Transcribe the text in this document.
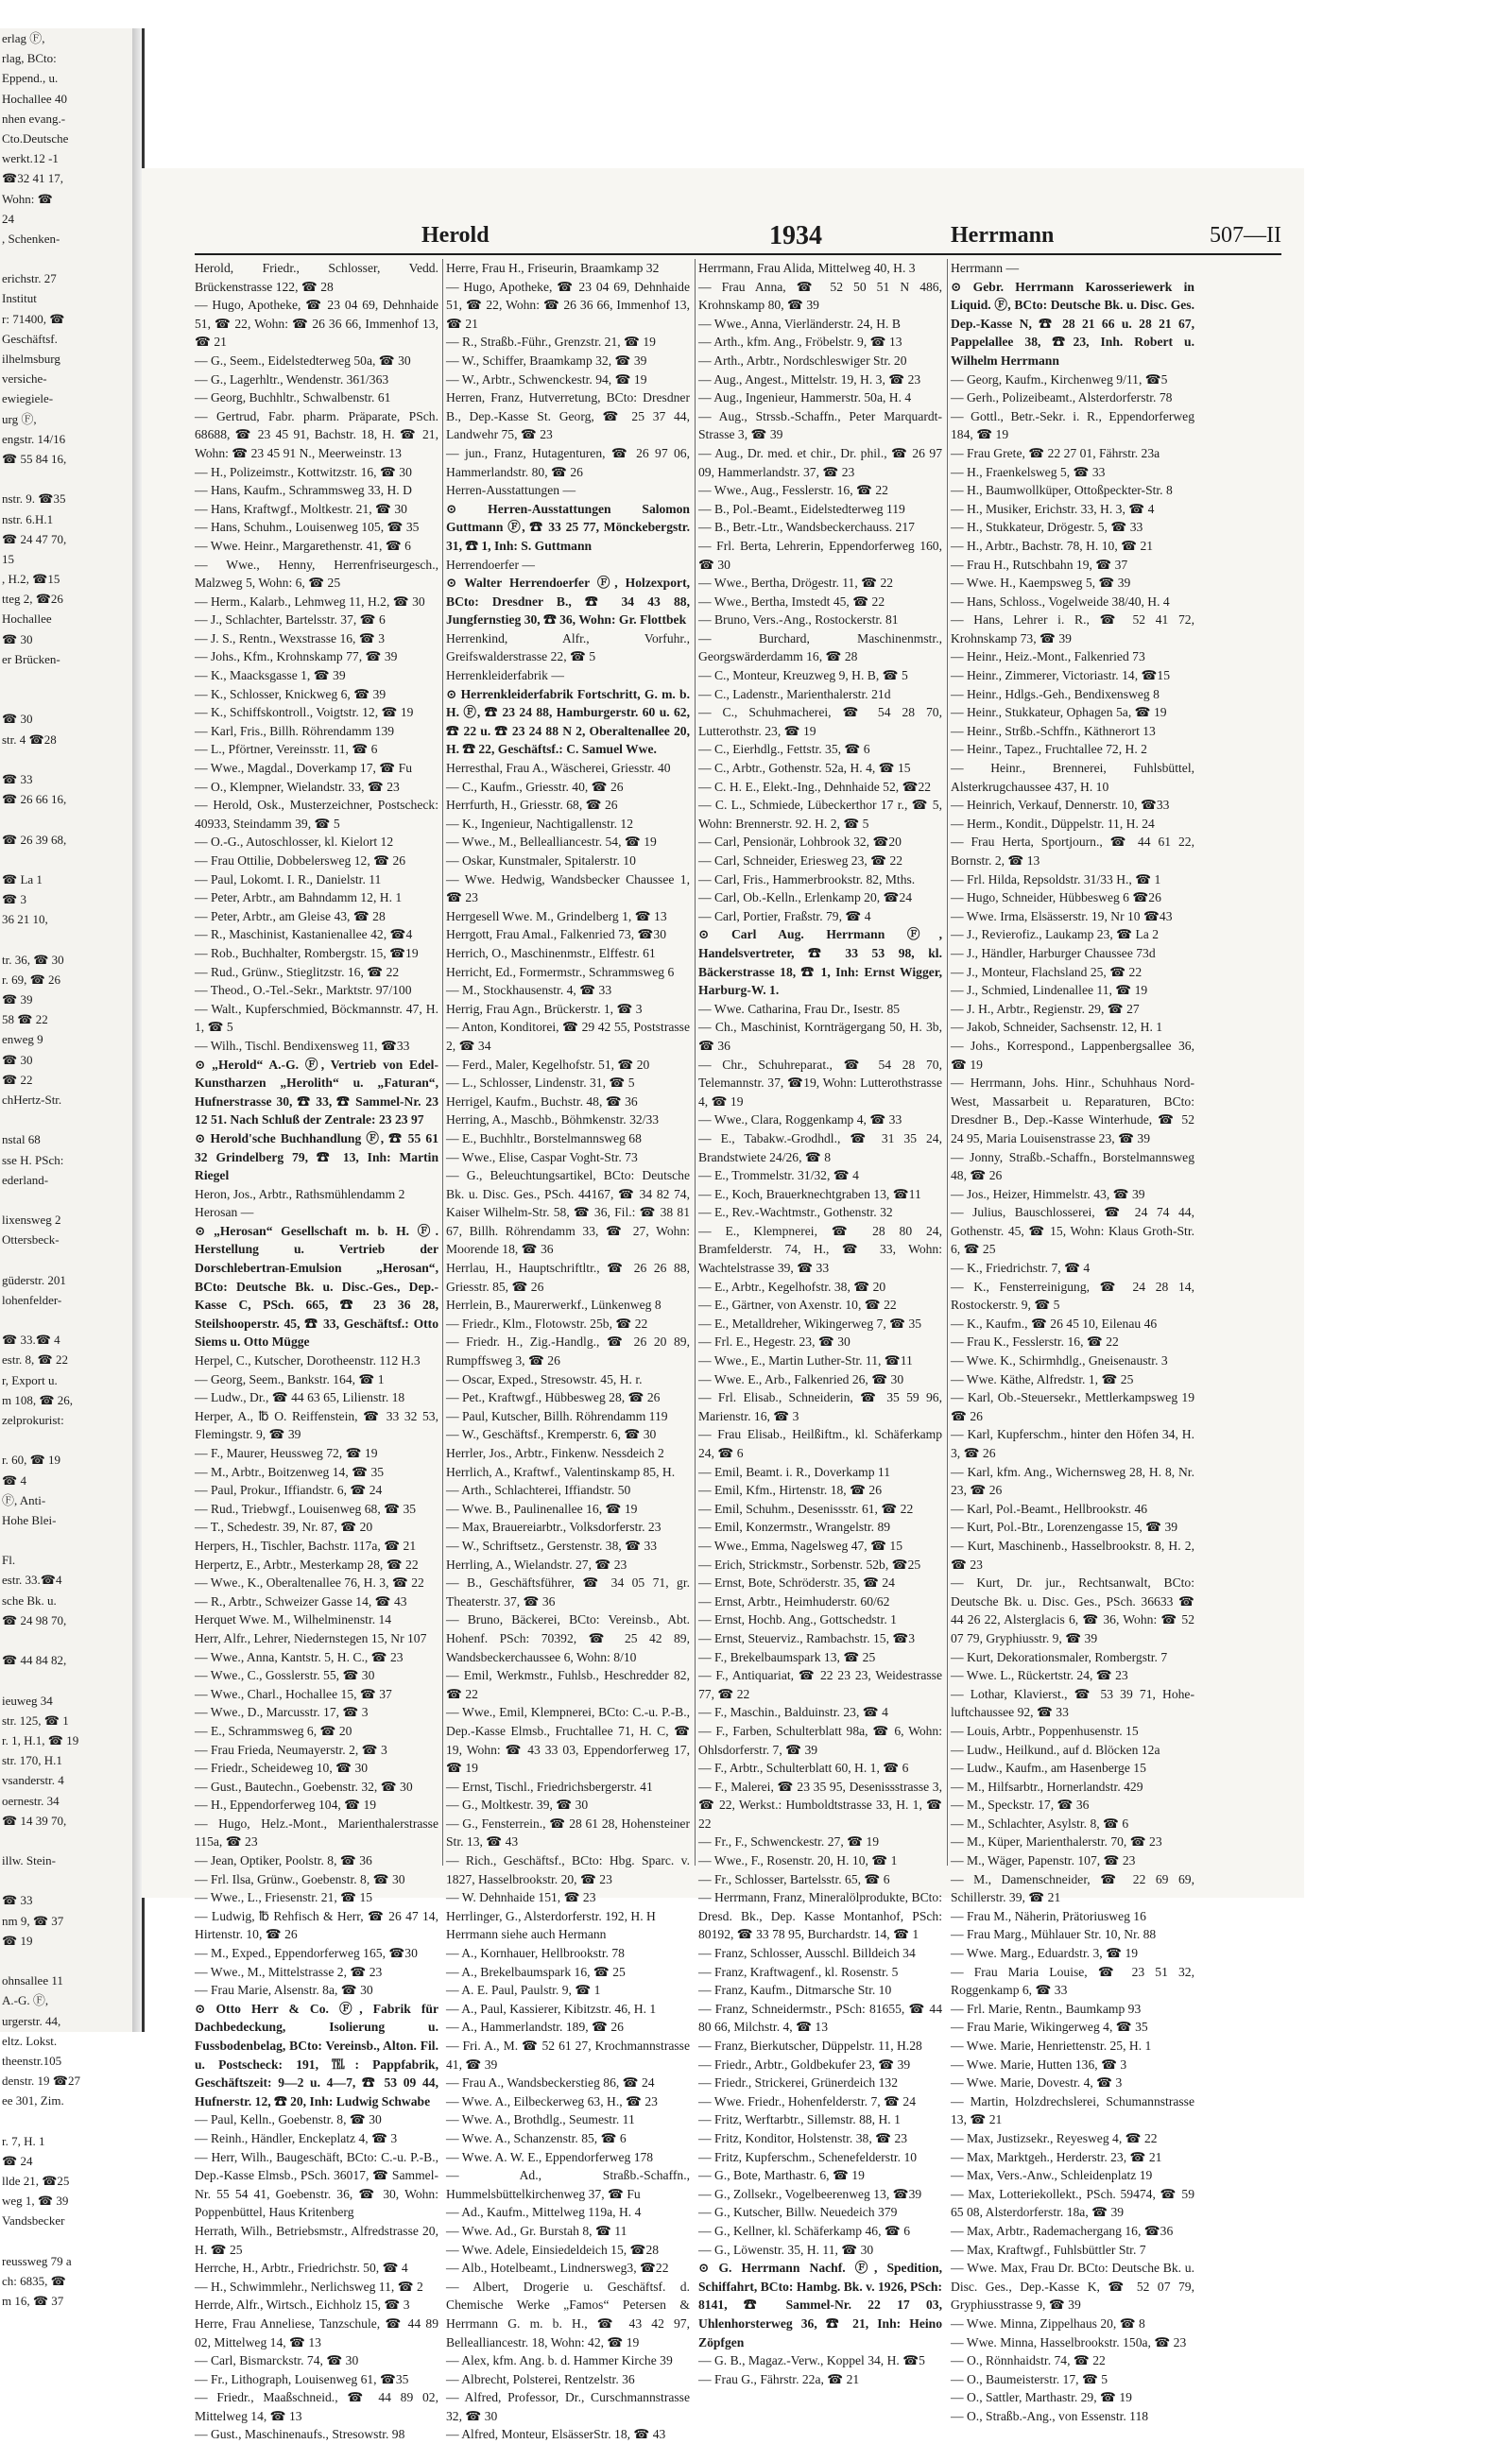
erlag Ⓕ,
rlag, BCto:
Eppend., u.
Hochallee 40
nhen evang.-
Cto.Deutsche
werkt.12 -1
☎32 41 17,
Wohn: ☎
24
, Schenken-
erichstr. 27
Institut
r: 71400, ☎
Geschäftsf.
ilhelmsburg
versiche-
ewiegiele-
urg Ⓕ,
engstr. 14/16
☎ 55 84 16,
nstr. 9. ☎35
nstr. 6.H.1
☎ 24 47 70,
15
, H.2, ☎15
tteg 2, ☎26
Hochallee
☎ 30
er Brücken-
☎ 30
str. 4 ☎28
☎ 33
☎ 26 66 16,
☎ 26 39 68,
☎ La 1
☎ 3
36 21 10,
tr. 36, ☎ 30
r. 69, ☎ 26
☎ 39
58 ☎ 22
enweg 9
☎ 30
☎ 22
chHertz-Str.
nstal 68
sse H. PSch:
ederland-
lixensweg 2
Ottersbeck-
güderstr. 201
lohenfelder-
☎ 33.☎ 4
estr. 8, ☎ 22
r, Export u.
m 108, ☎ 26,
zelprokurist:
r. 60, ☎ 19
☎ 4
Ⓕ, Anti-
Hohe Blei-
Fl.
estr. 33.☎4
sche Bk. u.
☎ 24 98 70,
☎ 44 84 82,
ieuweg 34
str. 125, ☎ 1
r. 1, H.1, ☎ 19
str. 170, H.1
vsanderstr. 4
oernestr. 34
☎ 14 39 70,
illw. Stein-
☎ 33
nm 9, ☎ 37
☎ 19
ohnsallee 11
A.-G. Ⓕ,
urgerstr. 44,
eltz. Lokst.
theenstr.105
denstr. 19 ☎27
ee 301, Zim.
r. 7, H. 1
☎ 24
llde 21, ☎25
weg 1, ☎ 39
Vandsbecker
reussweg 79 a
ch: 6835, ☎
m 16, ☎ 37
Herold	1934	Herrmann	507—II
Herold, Friedr., Schlosser, Vedd. Brückenstrasse 122, ☎ 28
— Hugo, Apotheke, ☎ 23 04 69, Dehnhaide 51, ☎ 22, Wohn: ☎ 26 36 66, Immenhof 13, ☎ 21
— G., Seem., Eidelstedterweg 50a, ☎ 30
— G., Lagerhltr., Wendenstr. 361/363
— Georg, Buchhltr., Schwalbenstr. 61
— Gertrud, Fabr. pharm. Präparate, PSch. 68688, ☎ 23 45 91, Bachstr. 18, H. ☎ 21, Wohn: ☎ 23 45 91 N., Meerweinstr. 13
— H., Polizeimstr., Kottwitzstr. 16, ☎ 30
— Hans, Kaufm., Schrammsweg 33, H. D
— Hans, Kraftwgf., Moltkestr. 21, ☎ 30
— Hans, Schuhm., Louisenweg 105, ☎ 35
— Wwe. Heinr., Margarethenstr. 41, ☎ 6
— Wwe., Henny, Herrenfriseurgesch., Malzweg 5, Wohn: 6, ☎ 25
— Herm., Kalarb., Lehmweg 11, H.2, ☎ 30
— J., Schlachter, Bartelsstr. 37, ☎ 6
— J. S., Rentn., Wexstrasse 16, ☎ 3
— Johs., Kfm., Krohnskamp 77, ☎ 39
— K., Maacksgasse 1, ☎ 39
— K., Schlosser, Knickweg 6, ☎ 39
— K., Schiffskontroll., Voigtstr. 12, ☎ 19
— Karl, Fris., Billh. Röhrendamm 139
— L., Pförtner, Vereinsstr. 11, ☎ 6
— Wwe., Magdal., Doverkamp 17, ☎ Fu
— O., Klempner, Wielandstr. 33, ☎ 23
— Herold, Osk., Musterzeichner, Postscheck: 40933, Steindamm 39, ☎ 5
— O.-G., Autoschlosser, kl. Kielort 12
— Frau Ottilie, Dobbelersweg 12, ☎ 26
— Paul, Lokomt. I. R., Danielstr. 11
— Peter, Arbtr., am Bahndamm 12, H. 1
— Peter, Arbtr., am Gleise 43, ☎ 28
— R., Maschinist, Kastanienallee 42, ☎4
— Rob., Buchhalter, Rombergstr. 15, ☎19
— Rud., Grünw., Stieglitzstr. 16, ☎ 22
— Theod., O.-Tel.-Sekr., Marktstr. 97/100
— Walt., Kupferschmied, Böckmannstr. 47, H. 1, ☎ 5
— Wilh., Tischl. Bendixensweg 11, ☎33
⊙ „Herold“ A.-G. Ⓕ, Vertrieb von Edel-Kunstharzen „Herolith“ u. „Faturan“, Hufnerstrasse 30, ☎ 33, ☎ Sammel-Nr. 23 12 51. Nach Schluß der Zentrale: 23 23 97
⊙ Herold'sche Buchhandlung Ⓕ, ☎ 55 61 32 Grindelberg 79, ☎ 13, Inh: Martin Riegel
Heron, Jos., Arbtr., Rathsmühlendamm 2
Herosan —
⊙ „Herosan“ Gesellschaft m. b. H. Ⓕ. Herstellung u. Vertrieb der Dorschlebertran-Emulsion „Herosan“, BCto: Deutsche Bk. u. Disc.-Ges., Dep.-Kasse C, PSch. 665, ☎ 23 36 28, Steilshooperstr. 45, ☎ 33, Geschäftsf.: Otto Siems u. Otto Mügge
Herpel, C., Kutscher, Dorotheenstr. 112 H.3
— Georg, Seem., Bankstr. 164, ☎ 1
— Ludw., Dr., ☎ 44 63 65, Lilienstr. 18
Herper, A., ℔ O. Reiffenstein, ☎ 33 32 53, Flemingstr. 9, ☎ 39
— F., Maurer, Heussweg 72, ☎ 19
— M., Arbtr., Boitzenweg 14, ☎ 35
— Paul, Prokur., Iffiandstr. 6, ☎ 24
— Rud., Triebwgf., Louisenweg 68, ☎ 35
— T., Schedestr. 39, Nr. 87, ☎ 20
Herpers, H., Tischler, Bachstr. 117a, ☎ 21
Herpertz, E., Arbtr., Mesterkamp 28, ☎ 22
— Wwe., K., Oberaltenallee 76, H. 3, ☎ 22
— R., Arbtr., Schweizer Gasse 14, ☎ 43
Herquet Wwe. M., Wilhelminenstr. 14
Herr, Alfr., Lehrer, Niedernstegen 15, Nr 107
— Wwe., Anna, Kantstr. 5, H. C., ☎ 23
— Wwe., C., Gosslerstr. 55, ☎ 30
— Wwe., Charl., Hochallee 15, ☎ 37
— Wwe., D., Marcusstr. 17, ☎ 3
— E., Schrammsweg 6, ☎ 20
— Frau Frieda, Neumayerstr. 2, ☎ 3
— Friedr., Scheideweg 10, ☎ 30
— Gust., Bautechn., Goebenstr. 32, ☎ 30
— H., Eppendorferweg 104, ☎ 19
— Hugo, Helz.-Mont., Marienthalerstrasse 115a, ☎ 23
— Jean, Optiker, Poolstr. 8, ☎ 36
— Frl. Ilsa, Grünw., Goebenstr. 8, ☎ 30
— Wwe., L., Friesenstr. 21, ☎ 15
— Ludwig, ℔ Rehfisch & Herr, ☎ 26 47 14, Hirtenstr. 10, ☎ 26
— M., Exped., Eppendorferweg 165, ☎30
— Wwe., M., Mittelstrasse 2, ☎ 23
— Frau Marie, Alsenstr. 8a, ☎ 30
⊙ Otto Herr & Co. Ⓕ, Fabrik für Dachbedeckung, Isolierung u. Fussbodenbelag, BCto: Vereinsb., Alton. Fil. u. Postscheck: 191, ℡: Pappfabrik, Geschäftszeit: 9—2 u. 4—7, ☎ 53 09 44, Hufnerstr. 12, ☎ 20, Inh: Ludwig Schwabe
— Paul, Kelln., Goebenstr. 8, ☎ 30
— Reinh., Händler, Enckeplatz 4, ☎ 3
— Herr, Wilh., Baugeschäft, BCto: C.-u. P.-B., Dep.-Kasse Elmsb., PSch. 36017, ☎ Sammel-Nr. 55 54 41, Goebenstr. 36, ☎ 30, Wohn: Poppenbüttel, Haus Kritenberg
Herrath, Wilh., Betriebsmstr., Alfredstrasse 20, H. ☎ 25
Herrche, H., Arbtr., Friedrichstr. 50, ☎ 4
— H., Schwimmlehr., Nerlichsweg 11, ☎ 2
Herrde, Alfr., Wirtsch., Eichholz 15, ☎ 3
Herre, Frau Anneliese, Tanzschule, ☎ 44 89 02, Mittelweg 14, ☎ 13
— Carl, Bismarckstr. 74, ☎ 30
— Fr., Lithograph, Louisenweg 61, ☎35
— Friedr., Maaßschneid., ☎ 44 89 02, Mittelweg 14, ☎ 13
— Gust., Maschinenaufs., Stresowstr. 98
Herre, Frau H., Friseurin, Braamkamp 32
— Hugo, Apotheke, ☎ 23 04 69, Dehnhaide 51, ☎ 22, Wohn: ☎ 26 36 66, Immenhof 13, ☎ 21
— R., Straßb.-Führ., Grenzstr. 21, ☎ 19
— W., Schiffer, Braamkamp 32, ☎ 39
— W., Arbtr., Schwenckestr. 94, ☎ 19
Herren, Franz, Hutverretung, BCto: Dresdner B., Dep.-Kasse St. Georg, ☎ 25 37 44, Landwehr 75, ☎ 23
— jun., Franz, Hutagenturen, ☎ 26 97 06, Hammerlandstr. 80, ☎ 26
Herren-Ausstattungen —
⊙ Herren-Ausstattungen Salomon Guttmann Ⓕ, ☎ 33 25 77, Mönckebergstr. 31, ☎ 1, Inh: S. Guttmann
Herrendoerfer —
⊙ Walter Herrendoerfer Ⓕ, Holzexport, BCto: Dresdner B., ☎ 34 43 88, Jungfernstieg 30, ☎ 36, Wohn: Gr. Flottbek
Herrenkind, Alfr., Vorfuhr., Greifswalderstrasse 22, ☎ 5
Herrenkleiderfabrik —
⊙ Herrenkleiderfabrik Fortschritt, G. m. b. H. Ⓕ, ☎ 23 24 88, Hamburgerstr. 60 u. 62, ☎ 22 u. ☎ 23 24 88 N 2, Oberaltenallee 20, H. ☎ 22, Geschäftsf.: C. Samuel Wwe.
Herresthal, Frau A., Wäscherei, Griesstr. 40
— C., Kaufm., Griesstr. 40, ☎ 26
Herrfurth, H., Griesstr. 68, ☎ 26
— K., Ingenieur, Nachtigallenstr. 12
— Wwe., M., Bellealliancestr. 54, ☎ 19
— Oskar, Kunstmaler, Spitalerstr. 10
— Wwe. Hedwig, Wandsbecker Chaussee 1, ☎ 23
Herrgesell Wwe. M., Grindelberg 1, ☎ 13
Herrgott, Frau Amal., Falkenried 73, ☎30
Herrich, O., Maschinenmstr., Elffestr. 61
Herricht, Ed., Formermstr., Schrammsweg 6
— M., Stockhausenstr. 4, ☎ 33
Herrig, Frau Agn., Brückerstr. 1, ☎ 3
— Anton, Konditorei, ☎ 29 42 55, Poststrasse 2, ☎ 34
— Ferd., Maler, Kegelhofstr. 51, ☎ 20
— L., Schlosser, Lindenstr. 31, ☎ 5
Herrigel, Kaufm., Buchstr. 48, ☎ 36
Herring, A., Maschb., Böhmkenstr. 32/33
— E., Buchhltr., Borstelmannsweg 68
— Wwe., Elise, Caspar Voght-Str. 73
— G., Beleuchtungsartikel, BCto: Deutsche Bk. u. Disc. Ges., PSch. 44167, ☎ 34 82 74, Kaiser Wilhelm-Str. 58, ☎ 36, Fil.: ☎ 38 81 67, Billh. Röhrendamm 33, ☎ 27, Wohn: Moorende 18, ☎ 36
Herrlau, H., Hauptschriftltr., ☎ 26 26 88, Griesstr. 85, ☎ 26
Herrlein, B., Maurerwerkf., Lünkenweg 8
— Friedr., Klm., Flotowstr. 25b, ☎ 22
— Friedr. H., Zig.-Handlg., ☎ 26 20 89, Rumpffsweg 3, ☎ 26
— Oscar, Exped., Stresowstr. 45, H. r.
— Pet., Kraftwgf., Hübbesweg 28, ☎ 26
— Paul, Kutscher, Billh. Röhrendamm 119
— W., Geschäftsf., Kremperstr. 6, ☎ 30
Herrler, Jos., Arbtr., Finkenw. Nessdeich 2
Herrlich, A., Kraftwf., Valentinskamp 85, H.
— Arth., Schlachterei, Iffiandstr. 50
— Wwe. B., Paulinenallee 16, ☎ 19
— Max, Brauereiarbtr., Volksdorferstr. 23
— W., Schriftsetz., Gerstenstr. 38, ☎ 33
Herrling, A., Wielandstr. 27, ☎ 23
— B., Geschäftsführer, ☎ 34 05 71, gr. Theaterstr. 37, ☎ 36
— Bruno, Bäckerei, BCto: Vereinsb., Abt. Hohenf. PSch: 70392, ☎ 25 42 89, Wandsbeckerchaussee 6, Wohn: 8/10
— Emil, Werkmstr., Fuhlsb., Heschredder 82, ☎ 22
— Wwe., Emil, Klempnerei, BCto: C.-u. P.-B., Dep.-Kasse Elmsb., Fruchtallee 71, H. C, ☎ 19, Wohn: ☎ 43 33 03, Eppendorferweg 17, ☎ 19
— Ernst, Tischl., Friedrichsbergerstr. 41
— G., Moltkestr. 39, ☎ 30
— G., Fensterrein., ☎ 28 61 28, Hohensteiner Str. 13, ☎ 43
— Rich., Geschäftsf., BCto: Hbg. Sparc. v. 1827, Hasselbrookstr. 20, ☎ 23
— W. Dehnhaide 151, ☎ 23
Herrlinger, G., Alsterdorferstr. 192, H. H
Herrmann siehe auch Hermann
— A., Kornhauer, Hellbrookstr. 78
— A., Brekelbaumspark 16, ☎ 25
— A. E. Paul, Paulstr. 9, ☎ 1
— A., Paul, Kassierer, Kibitzstr. 46, H. 1
— A., Hammerlandstr. 189, ☎ 26
— Fri. A., M. ☎ 52 61 27, Krochmannstrasse 41, ☎ 39
— Frau A., Wandsbeckerstieg 86, ☎ 24
— Wwe. A., Eilbeckerweg 63, H., ☎ 23
— Wwe. A., Brothdlg., Seumestr. 11
— Wwe. A., Schanzenstr. 85, ☎ 6
— Wwe. A. W. E., Eppendorferweg 178
— Ad., Straßb.-Schaffn., Hummelsbüttelkirchenweg 37, ☎ Fu
— Ad., Kaufm., Mittelweg 119a, H. 4
— Wwe. Ad., Gr. Burstah 8, ☎ 11
— Wwe. Adele, Einsiedeldeich 15, ☎28
— Alb., Hotelbeamt., Lindnersweg3, ☎22
— Albert, Drogerie u. Geschäftsf. d. Chemische Werke „Famos“ Petersen & Herrmann G. m. b. H., ☎ 43 42 97, Bellealliancestr. 18, Wohn: 42, ☎ 19
— Alex, kfm. Ang. b. d. Hammer Kirche 39
— Albrecht, Polsterei, Rentzelstr. 36
— Alfred, Professor, Dr., Curschmannstrasse 32, ☎ 30
— Alfred, Monteur, ElsässerStr. 18, ☎ 43
Herrmann, Frau Alida, Mittelweg 40, H. 3
— Frau Anna, ☎ 52 50 51 N 486, Krohnskamp 80, ☎ 39
— Wwe., Anna, Vierländerstr. 24, H. B
— Arth., kfm. Ang., Fröbelstr. 9, ☎ 13
— Arth., Arbtr., Nordschleswiger Str. 20
— Aug., Angest., Mittelstr. 19, H. 3, ☎ 23
— Aug., Ingenieur, Hammerstr. 50a, H. 4
— Aug., Strssb.-Schaffn., Peter Marquardt-Strasse 3, ☎ 39
— Aug., Dr. med. et chir., Dr. phil., ☎ 26 97 09, Hammerlandstr. 37, ☎ 23
— Wwe., Aug., Fesslerstr. 16, ☎ 22
— B., Pol.-Beamt., Eidelstedterweg 119
— B., Betr.-Ltr., Wandsbeckerchauss. 217
— Frl. Berta, Lehrerin, Eppendorferweg 160, ☎ 30
— Wwe., Bertha, Drögestr. 11, ☎ 22
— Wwe., Bertha, Imstedt 45, ☎ 22
— Bruno, Vers.-Ang., Rostockerstr. 81
— Burchard, Maschinenmstr., Georgswärderdamm 16, ☎ 28
— C., Monteur, Kreuzweg 9, H. B, ☎ 5
— C., Ladenstr., Marienthalerstr. 21d
— C., Schuhmacherei, ☎ 54 28 70, Lutterothstr. 23, ☎ 19
— C., Eierhdlg., Fettstr. 35, ☎ 6
— C., Arbtr., Gothenstr. 52a, H. 4, ☎ 15
— C. H. E., Elekt.-Ing., Dehnhaide 52, ☎22
— C. L., Schmiede, Lübeckerthor 17 r., ☎ 5, Wohn: Brennerstr. 92. H. 2, ☎ 5
— Carl, Pensionär, Lohbrook 32, ☎20
— Carl, Schneider, Eriesweg 23, ☎ 22
— Carl, Fris., Hammerbrookstr. 82, Mths.
— Carl, Ob.-Kelln., Erlenkamp 20, ☎24
— Carl, Portier, Fraßstr. 79, ☎ 4
⊙ Carl Aug. Herrmann Ⓕ, Handelsvertreter, ☎ 33 53 98, kl. Bäckerstrasse 18, ☎ 1, Inh: Ernst Wigger, Harburg-W. 1.
— Wwe. Catharina, Frau Dr., Isestr. 85
— Ch., Maschinist, Kornträgergang 50, H. 3b, ☎ 36
— Chr., Schuhreparat., ☎ 54 28 70, Telemannstr. 37, ☎19, Wohn: Lutterothstrasse 4, ☎ 19
— Wwe., Clara, Roggenkamp 4, ☎ 33
— E., Tabakw.-Grodhdl., ☎ 31 35 24, Brandstwiete 24/26, ☎ 8
— E., Trommelstr. 31/32, ☎ 4
— E., Koch, Brauerknechtgraben 13, ☎11
— E., Rev.-Wachtmstr., Gothenstr. 32
— E., Klempnerei, ☎ 28 80 24, Bramfelderstr. 74, H., ☎ 33, Wohn: Wachtelstrasse 39, ☎ 33
— E., Arbtr., Kegelhofstr. 38, ☎ 20
— E., Gärtner, von Axenstr. 10, ☎ 22
— E., Metalldreher, Wikingerweg 7, ☎ 35
— Frl. E., Hegestr. 23, ☎ 30
— Wwe., E., Martin Luther-Str. 11, ☎11
— Wwe. E., Arb., Falkenried 26, ☎ 30
— Frl. Elisab., Schneiderin, ☎ 35 59 96, Marienstr. 16, ☎ 3
— Frau Elisab., Heilßiftm., kl. Schäferkamp 24, ☎ 6
— Emil, Beamt. i. R., Doverkamp 11
— Emil, Kfm., Hirtenstr. 18, ☎ 26
— Emil, Schuhm., Desenissstr. 61, ☎ 22
— Emil, Konzermstr., Wrangelstr. 89
— Wwe., Emma, Nagelsweg 47, ☎ 15
— Erich, Strickmstr., Sorbenstr. 52b, ☎25
— Ernst, Bote, Schröderstr. 35, ☎ 24
— Ernst, Arbtr., Heimhuderstr. 60/62
— Ernst, Hochb. Ang., Gottschedstr. 1
— Ernst, Steuerviz., Rambachstr. 15, ☎3
— F., Brekelbaumspark 13, ☎ 25
— F., Antiquariat, ☎ 22 23 23, Weidestrasse 77, ☎ 22
— F., Maschin., Balduinstr. 23, ☎ 4
— F., Farben, Schulterblatt 98a, ☎ 6, Wohn: Ohlsdorferstr. 7, ☎ 39
— F., Arbtr., Schulterblatt 60, H. 1, ☎ 6
— F., Malerei, ☎ 23 35 95, Desenissstrasse 3, ☎ 22, Werkst.: Humboldtstrasse 33, H. 1, ☎ 22
— Fr., F., Schwenckestr. 27, ☎ 19
— Wwe., F., Rosenstr. 20, H. 10, ☎ 1
— Fr., Schlosser, Bartelsstr. 65, ☎ 6
— Herrmann, Franz, Mineralölprodukte, BCto: Dresd. Bk., Dep. Kasse Montanhof, PSch: 80192, ☎ 33 78 95, Burchardstr. 14, ☎ 1
— Franz, Schlosser, Ausschl. Billdeich 34
— Franz, Kraftwagenf., kl. Rosenstr. 5
— Franz, Kaufm., Ditmarsche Str. 10
— Franz, Schneidermstr., PSch: 81655, ☎ 44 80 66, Milchstr. 4, ☎ 13
— Franz, Bierkutscher, Düppelstr. 11, H.28
— Friedr., Arbtr., Goldbekufer 23, ☎ 39
— Friedr., Strickerei, Grünerdeich 132
— Wwe. Friedr., Hohenfelderstr. 7, ☎ 24
— Fritz, Werftarbtr., Sillemstr. 88, H. 1
— Fritz, Konditor, Holstenstr. 38, ☎ 23
— Fritz, Kupferschm., Schenefelderstr. 10
— G., Bote, Marthastr. 6, ☎ 19
— G., Zollsekr., Vogelbeerenweg 13, ☎39
— G., Kutscher, Billw. Neuedeich 379
— G., Kellner, kl. Schäferkamp 46, ☎ 6
— G., Löwenstr. 35, H. 11, ☎ 30
⊙ G. Herrmann Nachf. Ⓕ, Spedition, Schiffahrt, BCto: Hambg. Bk. v. 1926, PSch: 8141, ☎ Sammel-Nr. 22 17 03, Uhlenhorsterweg 36, ☎ 21, Inh: Heino Zöpfgen
— G. B., Magaz.-Verw., Koppel 34, H. ☎5
— Frau G., Fährstr. 22a, ☎ 21
Herrmann —
⊙ Gebr. Herrmann Karosseriewerk in Liquid. Ⓕ, BCto: Deutsche Bk. u. Disc. Ges. Dep.-Kasse N, ☎ 28 21 66 u. 28 21 67, Pappelallee 38, ☎23, Inh. Robert u. Wilhelm Herrmann
— Georg, Kaufm., Kirchenweg 9/11, ☎5
— Gerh., Polizeibeamt., Alsterdorferstr. 78
— Gottl., Betr.-Sekr. i. R., Eppendorferweg 184, ☎ 19
— Frau Grete, ☎ 22 27 01, Fährstr. 23a
— H., Fraenkelsweg 5, ☎ 33
— H., Baumwollküper, Ottoßpeckter-Str. 8
— H., Musiker, Erichstr. 33, H. 3, ☎ 4
— H., Stukkateur, Drögestr. 5, ☎ 33
— H., Arbtr., Bachstr. 78, H. 10, ☎ 21
— Frau H., Rutschbahn 19, ☎ 37
— Wwe. H., Kaempsweg 5, ☎ 39
— Hans, Schloss., Vogelweide 38/40, H. 4
— Hans, Lehrer i. R., ☎ 52 41 72, Krohnskamp 73, ☎ 39
— Heinr., Heiz.-Mont., Falkenried 73
— Heinr., Zimmerer, Victoriastr. 14, ☎15
— Heinr., Hdlgs.-Geh., Bendixensweg 8
— Heinr., Stukkateur, Ophagen 5a, ☎ 19
— Heinr., Strßb.-Schffn., Käthnerort 13
— Heinr., Tapez., Fruchtallee 72, H. 2
— Heinr., Brennerei, Fuhlsbüttel, Alsterkrugchaussee 437, H. 10
— Heinrich, Verkauf, Dennerstr. 10, ☎33
— Herm., Kondit., Düppelstr. 11, H. 24
— Frau Herta, Sportjourn., ☎ 44 61 22, Bornstr. 2, ☎ 13
— Frl. Hilda, Repsoldstr. 31/33 H., ☎ 1
— Hugo, Schneider, Hübbesweg 6 ☎26
— Wwe. Irma, Elsässerstr. 19, Nr 10 ☎43
— J., Revierofiz., Laukamp 23, ☎ La 2
— J., Händler, Harburger Chaussee 73d
— J., Monteur, Flachsland 25, ☎ 22
— J., Schmied, Lindenallee 11, ☎ 19
— J. H., Arbtr., Regienstr. 29, ☎ 27
— Jakob, Schneider, Sachsenstr. 12, H. 1
— Johs., Korrespond., Lappenbergsallee 36, ☎ 19
— Herrmann, Johs. Hinr., Schuhhaus Nord-West, Massarbeit u. Reparaturen, BCto: Dresdner B., Dep.-Kasse Winterhude, ☎ 52 24 95, Maria Louisenstrasse 23, ☎ 39
— Jonny, Straßb.-Schaffn., Borstelmannsweg 48, ☎ 26
— Jos., Heizer, Himmelstr. 43, ☎ 39
— Julius, Bauschlosserei, ☎ 24 74 44, Gothenstr. 45, ☎ 15, Wohn: Klaus Groth-Str. 6, ☎ 25
— K., Friedrichstr. 7, ☎ 4
— K., Fensterreinigung, ☎ 24 28 14, Rostockerstr. 9, ☎ 5
— K., Kaufm., ☎ 26 45 10, Eilenau 46
— Frau K., Fesslerstr. 16, ☎ 22
— Wwe. K., Schirmhdlg., Gneisenaustr. 3
— Wwe. Käthe, Alfredstr. 1, ☎ 25
— Karl, Ob.-Steuersekr., Mettlerkampsweg 19 ☎ 26
— Karl, Kupferschm., hinter den Höfen 34, H. 3, ☎ 26
— Karl, kfm. Ang., Wichernsweg 28, H. 8, Nr. 23, ☎ 26
— Karl, Pol.-Beamt., Hellbrookstr. 46
— Kurt, Pol.-Btr., Lorenzengasse 15, ☎ 39
— Kurt, Maschinenb., Hasselbrookstr. 8, H. 2, ☎ 23
— Kurt, Dr. jur., Rechtsanwalt, BCto: Deutsche Bk. u. Disc. Ges., PSch. 36633 ☎ 44 26 22, Alsterglacis 6, ☎ 36, Wohn: ☎ 52 07 79, Gryphiusstr. 9, ☎ 39
— Kurt, Dekorationsmaler, Rombergstr. 7
— Wwe. L., Rückertstr. 24, ☎ 23
— Lothar, Klavierst., ☎ 53 39 71, Hohe-luftchaussee 92, ☎ 33
— Louis, Arbtr., Poppenhusenstr. 15
— Ludw., Heilkund., auf d. Blöcken 12a
— Ludw., Kaufm., am Hasenberge 15
— M., Hilfsarbtr., Hornerlandstr. 429
— M., Speckstr. 17, ☎ 36
— M., Schlachter, Asylstr. 8, ☎ 6
— M., Küper, Marienthalerstr. 70, ☎ 23
— M., Wäger, Papenstr. 107, ☎ 23
— M., Damenschneider, ☎ 22 69 69, Schillerstr. 39, ☎ 21
— Frau M., Näherin, Prätoriusweg 16
— Frau Marg., Mühlauer Str. 10, Nr. 88
— Wwe. Marg., Eduardstr. 3, ☎ 19
— Frau Maria Louise, ☎ 23 51 32, Roggenkamp 6, ☎ 33
— Frl. Marie, Rentn., Baumkamp 93
— Frau Marie, Wikingerweg 4, ☎ 35
— Wwe. Marie, Henriettenstr. 25, H. 1
— Wwe. Marie, Hutten 136, ☎ 3
— Wwe. Marie, Dovestr. 4, ☎ 3
— Martin, Holzdrechslerei, Schumannstrasse 13, ☎ 21
— Max, Justizsekr., Reyesweg 4, ☎ 22
— Max, Marktgeh., Herderstr. 23, ☎ 21
— Max, Vers.-Anw., Schleidenplatz 19
— Max, Lotteriekollekt., PSch. 59474, ☎ 59 65 08, Alsterdorferstr. 18a, ☎ 39
— Max, Arbtr., Rademachergang 16, ☎36
— Max, Kraftwgf., Fuhlsbüttler Str. 7
— Wwe. Max, Frau Dr. BCto: Deutsche Bk. u. Disc. Ges., Dep.-Kasse K, ☎ 52 07 79, Gryphiusstrasse 9, ☎ 39
— Wwe. Minna, Zippelhaus 20, ☎ 8
— Wwe. Minna, Hasselbrookstr. 150a, ☎ 23
— O., Rönnhaidstr. 74, ☎ 22
— O., Baumeisterstr. 17, ☎ 5
— O., Sattler, Marthastr. 29, ☎ 19
— O., Straßb.-Ang., von Essenstr. 118
